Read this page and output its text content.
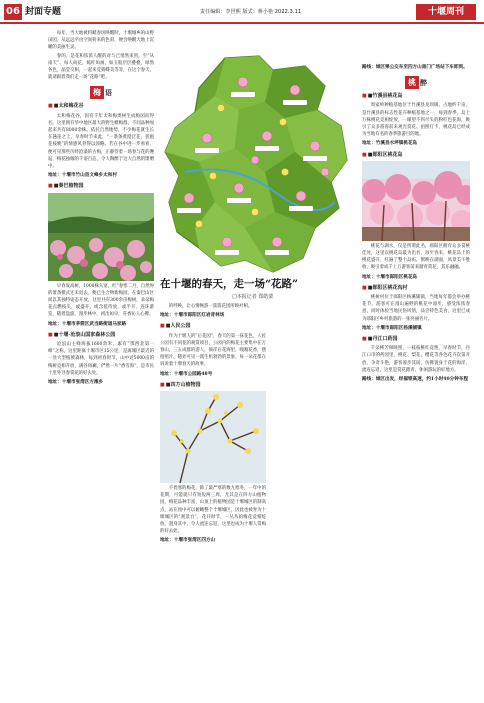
06 封面专题	责任编辑：李世熙 版式：蒋小艳 2022.3.11	十堰周刊

每年，当大地被料峭春风唤醒时，十堰城乡的山野田园，从远远平由空间荷来的色彩，便会唤醒大地上沉睡的美丽生灵。

春的，是花和浓浓人醒的对与已悄然来到。至“从南天”、每人尚花，嫣红如画，如玉般层层叠叠，绿然各色，晶莹交相，一起来竞猜蝶美等等，在这个春天，就请跟着我们走一场“花路”吧。

梅 语
■ ■太和梅花谷

太和梅花谷，因有千年太和梅奥树生成梅园而得名。这里拥有华中地区最大的野生蜡梅群，不同品种加起来共有8000余株。依托自然地势，不少梅花就生长在悬崖之上，早春时节来此，“一条条黄澄泛花，犹抱花枝映”的情感风骨得以领略。若在谷中进一步看看，便可见那些历经沧桑的古梅，正静待着一场春与花的邂逅，梅花独倾的千姿百态，令人陶醉于这大自然的馈赠中。

地址：十堰市竹山县文峰乡太和村
■ ■秦巴植物园

早春发高树，1000株矢宽、红“春寒二月，自然界的萧条模式还未退去，便已生合物新梅园，在秦巴山区间以其独特姿态开放，这里共有300余亩梅树，朵朵梅花点燃枝头，或盛开，或含苞待放，或半开，连环游览，随着盘旋，漫步林中，初出如早，芬香沁人心脾。

地址：十堰市茅箭区武当路街道马家路
■ ■十堰·沧浪山国家森林公园

沧浪山主峰海拔1600余米，素有“鄂西北第一峰”之称，这里距离十堰市区15公里，是离城区最近的一处大型植被森林，每到初春时节，山中近5000亩的梅树竞相开放，满谷斑斓，俨然一片“香雪海”，是市民十里外寻春赏花的好去处。

地址：十堰市张湾区方滩乡
在十堰的春天，走一场“花路”
□本报记者 郑皓蒙

的呼唤，让心情畅游一簇簇花团所映衬相。

地址：十堰市郧阳区红岩背林场
■ ■人民公园

作为十堰人的“后花园”，春天的第一抹花色，人民公园有不同花的观赏项目，公园内的梅花主要集中在万春山，三五成群的游人，徜徉在花海里，嗅嗅花香，摆拍照片，随处可见一派生机勃勃的景象，每一朵花都在诉说着十堰春天的故事。

地址：十堰市公园路48号
■ ■四方山植物园

不畏寒的梅花，除了最严寒的数九寒冬，一年中的花期，可能就只有短短两三周，尤其是在四方山植物园，梅花品种丰富，山顶上的植物园是十堰城区的制高点，站在园中可以俯瞰整个十堰城区，因此也被誉为十堰城区的“观景台”，花开时节，一丛丛的梅花竞相绽放，置身其中，令人流连忘返，这里也成为十堰人赏梅的好去处。

地址：十堰市张湾区四方山
路线：城区乘公交车至四方山南门广场站下车即到。
桃 醉
■ ■竹溪县桃花岛

周家岭种植基地位于竹溪县龙坝镇，占地约千亩，是竹溪县的标志性花卉种植基地之一，每到春季，岛上万株桃花竞相绽放，一眼望不到尽头的粉红色花海，吸引了众多游客前来观光赏花、拍照打卡，桃花岛已经成为当地有名的春季旅游目的地。

地址：竹溪县水坪镇桃花岛
■ ■郧阳区桃花岛

桃花与湖水，仅是所谓此名，郧阳区拥有众多赏桃佳处，这里以桃花岛最为出名，每至春来，桃花岛上的桃花盛开，红遍了整个岛屿，倒映在湖面，风景美不胜收，吸引着成千上万游客前来踏青赏花，其乐融融。

地址：十堰市郧阳区桃花岛
■ ■郧阳区桃花沟村

桃树村位于郧阳区杨溪铺镇，当地每年都会举办桃花节，游客可在漫山遍野的桃花中漫步，感受浓浓春意，同时体验当地民俗风情，品尝特色美食，这里已成为郧阳区乡村旅游的一张亮丽名片。

地址：十堰市郧阳区杨溪铺镇
■ ■丹江口药园

千朵桃芳相映照，一枝枝桃红竞艳，早春时节，丹江口市的药园里，桃花、梨花、樱花等各色花卉次第开放，争奇斗艳，游客漫步其间，仿佛置身于花的海洋，流连忘返，这里是赏花踏青、休闲游玩的好地方。

路线：城区出发，经福银高速，约1小时40分钟车程
